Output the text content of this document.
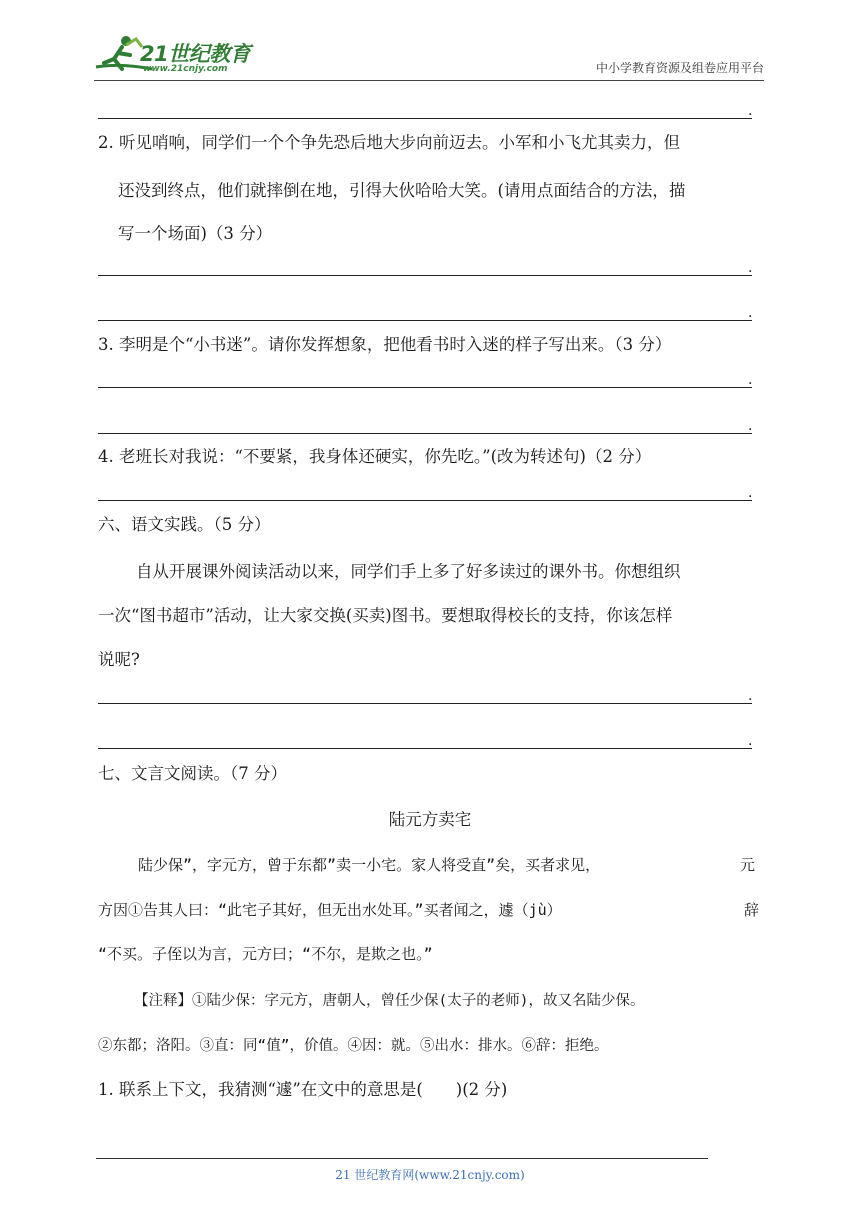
21世纪教育
www.21cnjy.com	中小学教育资源及组卷应用平台
.
2. 听见哨响，同学们一个个争先恐后地大步向前迈去。小军和小飞尤其卖力，但
还没到终点，他们就摔倒在地，引得大伙哈哈大笑。(请用点面结合的方法，描
写一个场面)（3 分）
.
.
3. 李明是个“小书迷”。请你发挥想象，把他看书时入迷的样子写出来。（3 分）
.
.
4. 老班长对我说：“不要紧，我身体还硬实，你先吃。”(改为转述句)（2 分）
.
六、语文实践。（5 分）
自从开展课外阅读活动以来，同学们手上多了好多读过的课外书。你想组织
一次“图书超市”活动，让大家交换(买卖)图书。要想取得校长的支持，你该怎样
说呢?
.
.
七、文言文阅读。（7 分）
陆元方卖宅
陆少保”，字元方，曾于东都”卖一小宅。家人将受直”矣，买者求见，	元
方因①告其人曰：“此宅子其好，但无出水处耳。”买者闻之，遽（jù）	辞
“不买。子侄以为言，元方曰；“不尔，是欺之也。”
【注释】①陆少保：字元方，唐朝人，曾任少保(太子的老师)，故又名陆少保。
②东都；洛阳。③直：同“值”，价值。④因：就。⑤出水：排水。⑥辞：拒绝。
1. 联系上下文，我猜测“遽”在文中的意思是(　　)(2 分)
21 世纪教育网(www.21cnjy.com)
